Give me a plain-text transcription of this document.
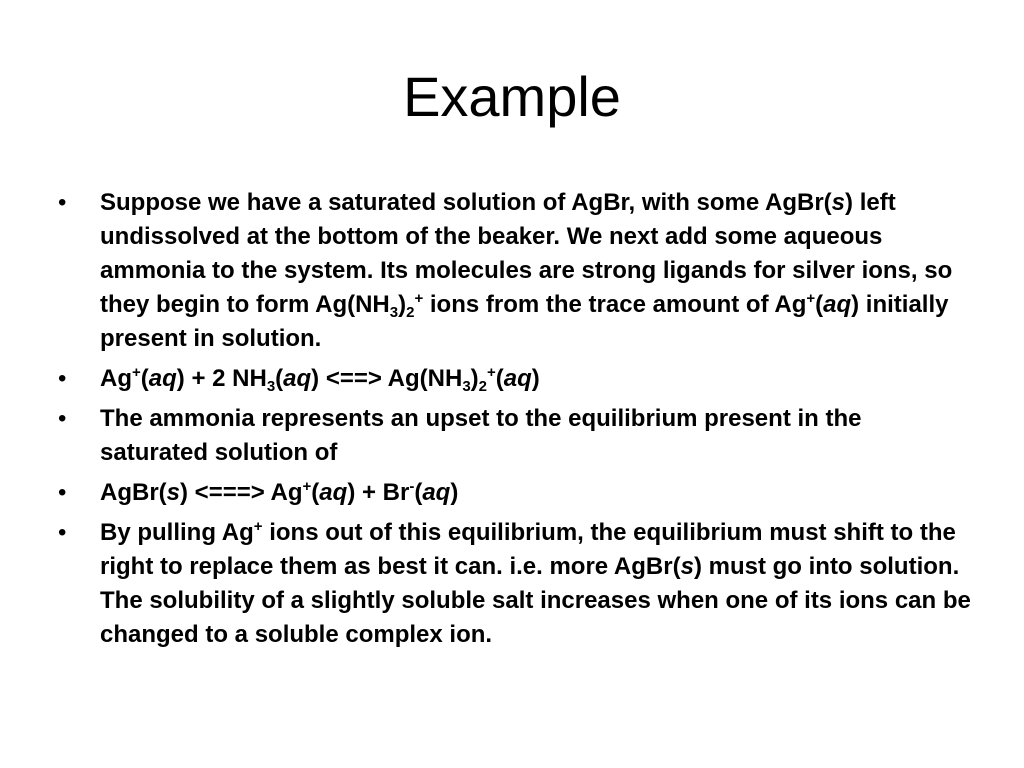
Example
• Suppose we have a saturated solution of AgBr, with some AgBr(s) left undissolved at the bottom of the beaker. We next add some aqueous ammonia to the system. Its molecules are strong ligands for silver ions, so they begin to form $Ag(NH_3)_2^+$ ions from the trace amount of Ag+(aq) initially present in solution.
• Ag+(aq) + 2 $NH_3(aq)$ <==> $Ag(NH_3)_2^+(aq)$
• The ammonia represents an upset to the equilibrium present in the saturated solution of
• AgBr(s) <===> Ag+(aq) + Br-(aq)
• By pulling Ag+ ions out of this equilibrium, the equilibrium must shift to the right to replace them as best it can. i.e. more AgBr(s) must go into solution. The solubility of a slightly soluble salt increases when one of its ions can be changed to a soluble complex ion.
